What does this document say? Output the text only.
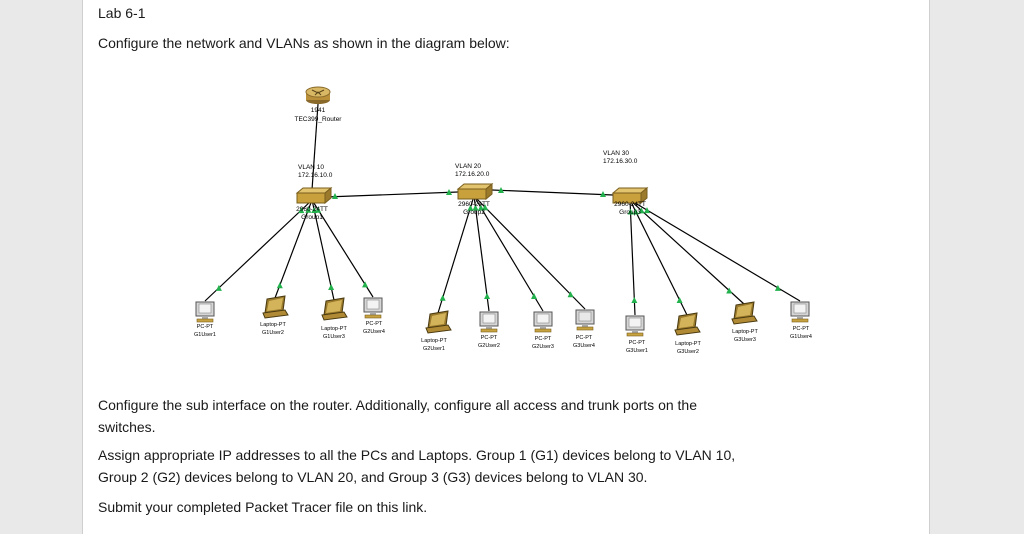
Lab 6-1
Configure the network and VLANs as shown in the diagram below:
1941
TEC399_Router
VLAN 10
172.16.10.0
2960-24TT
Group1
VLAN 20
172.16.20.0
2960-24TT
Group2
VLAN 30
172.16.30.0
2960-24TT
Group3
PC-PT
G1User1
Laptop-PT
G1User2
Laptop-PT
G1User3
PC-PT
G2User4
Laptop-PT
G2User1
PC-PT
G2User2
PC-PT
G2User3
PC-PT
G3User4	PC-PT
G3User1
Laptop-PT
G3User2
Laptop-PT
G3User3
PC-PT
G1User4
Configure the sub interface on the router. Additionally, configure all access and trunk ports on the switches.
Assign appropriate IP addresses to all the PCs and Laptops. Group 1 (G1) devices belong to VLAN 10, Group 2 (G2) devices belong to VLAN 20, and Group 3 (G3) devices belong to VLAN 30.
Submit your completed Packet Tracer file on this link.
